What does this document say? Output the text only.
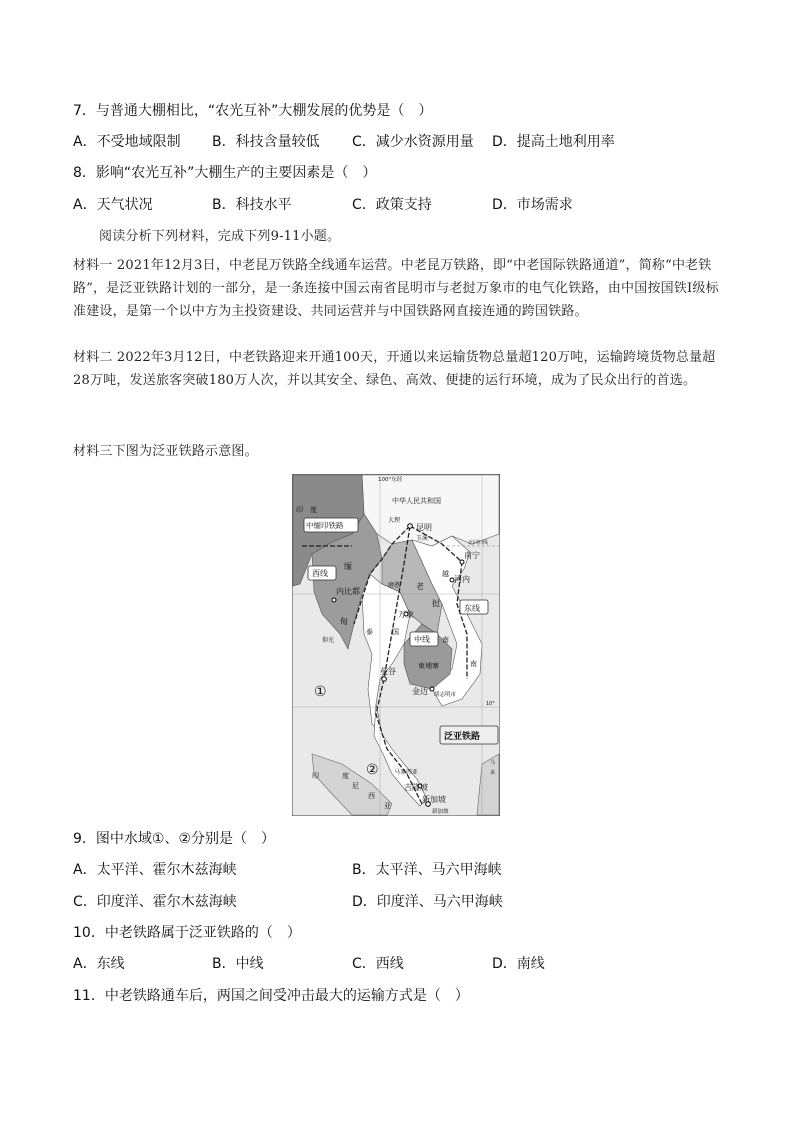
7．与普通大棚相比，“农光互补”大棚发展的优势是（　）
A．不受地域限制 B．科技含量较低 C．减少水资源用量 D．提高土地利用率
8．影响“农光互补”大棚生产的主要因素是（　）
A．天气状况	B．科技水平	C．政策支持	D．市场需求
阅读分析下列材料，完成下列9-11小题。
材料一 2021年12月3日，中老昆万铁路全线通车运营。中老昆万铁路，即“中老国际铁路通道”，简称“中老铁路”，是泛亚铁路计划的一部分，是一条连接中国云南省昆明市与老挝万象市的电气化铁路，由中国按国铁Ⅰ级标准建设，是第一个以中方为主投资建设、共同运营并与中国铁路网直接连通的跨国铁路。
材料二 2022年3月12日，中老铁路迎来开通100天，开通以来运输货物总量超120万吨，运输跨境货物总量超28万吨，发送旅客突破180万人次，并以其安全、绿色、高效、便捷的运行环境，成为了民众出行的首选。
材料三下图为泛亚铁路示意图。
100°东经
中华人民共和国
印　度
中缅印铁路
大理
昆明
玉溪
北回归线
南宁
西线
缅
内比都
磨憨 老
越
河内
挝
东线
甸
万象
仰光
泰	国
中线 南
南
柬埔寨
曼谷
金边 胡志明市
①
10°
泛亚铁路
②	马来西亚
吉隆坡
印	度
尼
西
亚
新加坡
新加坡
马
来
9．图中水域①、②分别是（　）
A．太平洋、霍尔木兹海峡	B．太平洋、马六甲海峡
C．印度洋、霍尔木兹海峡	D．印度洋、马六甲海峡
10．中老铁路属于泛亚铁路的（　）
A．东线	B．中线	C．西线	D．南线
11．中老铁路通车后，两国之间受冲击最大的运输方式是（　）
